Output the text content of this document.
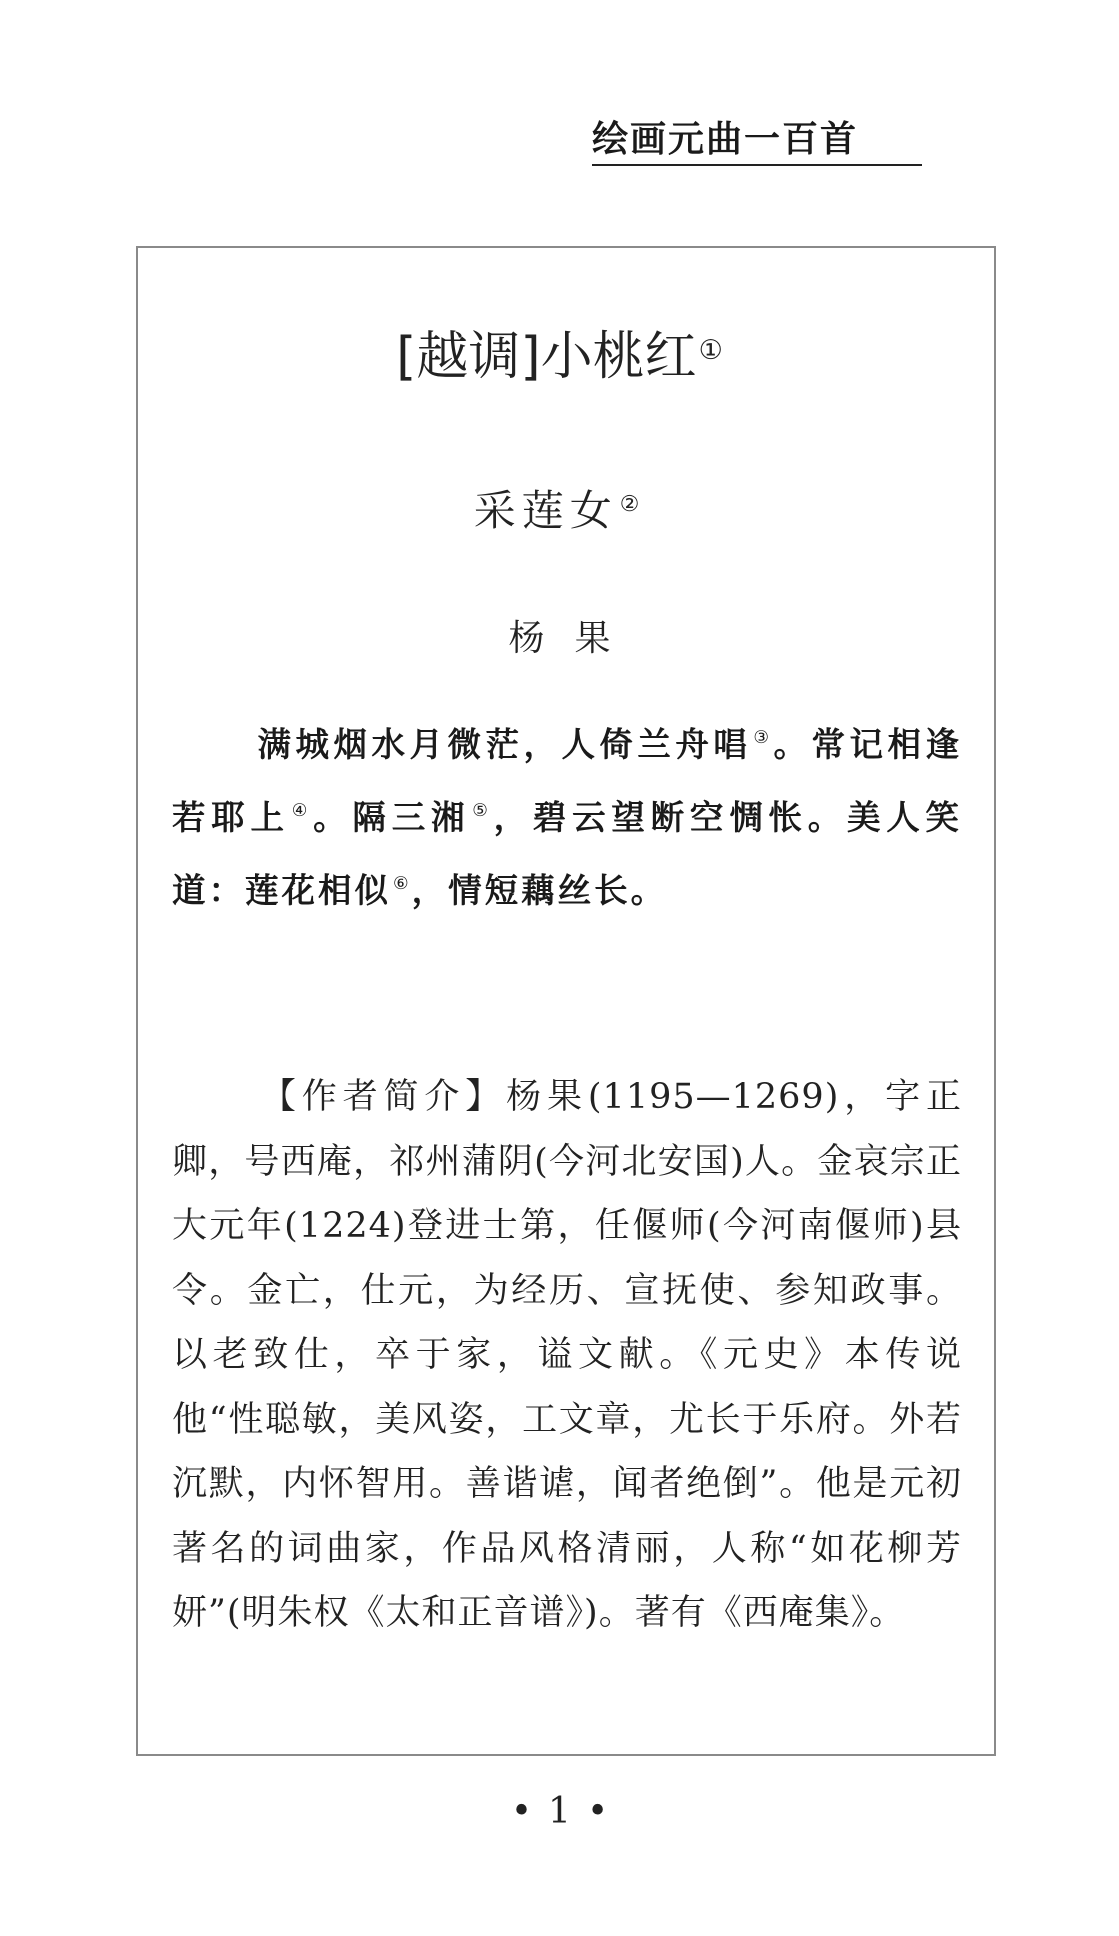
绘画元曲一百首
[越调]小桃红①
采莲女②
杨果
满城烟水月微茫，人倚兰舟唱 ③。常记相逢若耶上 ④。隔三湘 ⑤，碧云望断空惆怅。美人笑道：莲花相似 ⑥，情短藕丝长。
【作者简介】杨果(1195—1269)，字正卿，号西庵，祁州蒲阴(今河北安国)人。金哀宗正大元年(1224)登进士第，任偃师(今河南偃师)县令。金亡，仕元，为经历、宣抚使、参知政事。以老致仕，卒于家，谥文献。《元史》本传说他“性聪敏，美风姿，工文章，尤长于乐府。外若沉默，内怀智用。善谐谑，闻者绝倒”。他是元初著名的词曲家，作品风格清丽，人称“如花柳芳妍”(明朱权《太和正音谱》)。著有《西庵集》。
• 1 •
